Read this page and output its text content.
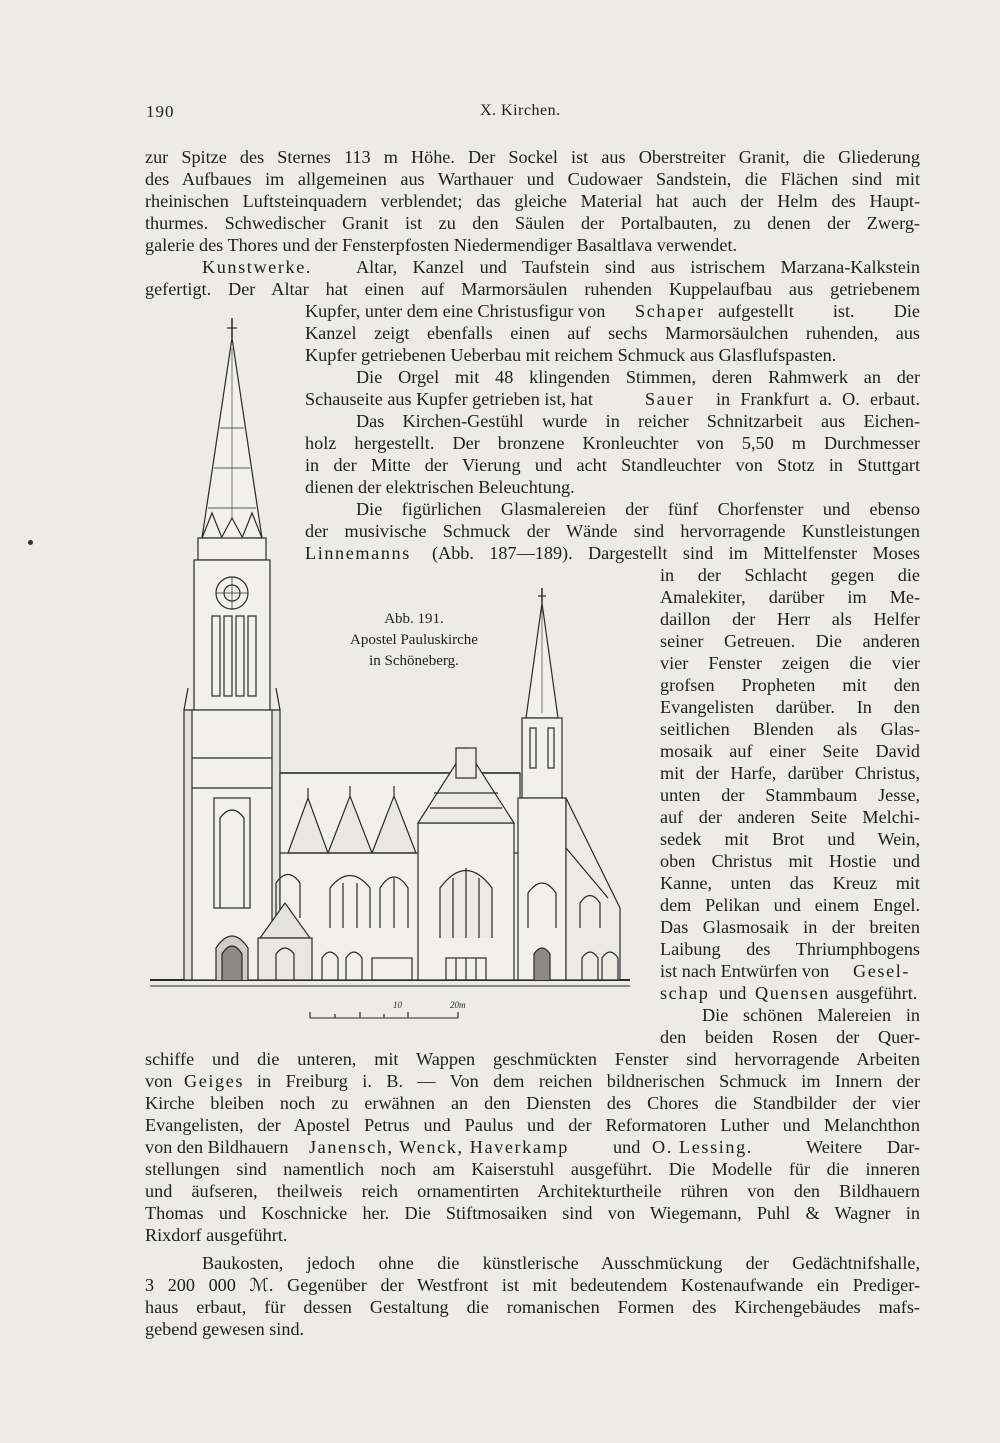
190	X. Kirchen.
zur Spitze des Sternes 113 m Höhe. Der Sockel ist aus Oberstreiter Granit, die Gliederung
des Aufbaues im allgemeinen aus Warthauer und Cudowaer Sandstein, die Flächen sind mit
rheinischen Luftsteinquadern verblendet; das gleiche Material hat auch der Helm des Haupt-
thurmes. Schwedischer Granit ist zu den Säulen der Portalbauten, zu denen der Zwerg-
galerie des Thores und der Fensterpfosten Niedermendiger Basaltlava verwendet.
Kunstwerke.	Altar, Kanzel und Taufstein sind aus istrischem Marzana-Kalkstein
gefertigt. Der Altar hat einen auf Marmorsäulen ruhenden Kuppelaufbau aus getriebenem
Kupfer, unter dem eine Christusfigur von	Schaper aufgestellt ist. Die
Kanzel zeigt ebenfalls einen auf sechs Marmorsäulchen ruhenden, aus
Kupfer getriebenen Ueberbau mit reichem Schmuck aus Glasflufspasten.
Die Orgel mit 48 klingenden Stimmen, deren Rahmwerk an der
Schauseite aus Kupfer getrieben ist, hat	Sauer	in Frankfurt a. O. erbaut.
Das Kirchen-Gestühl wurde in reicher Schnitzarbeit aus Eichen-
holz hergestellt. Der bronzene Kronleuchter von 5,50 m Durchmesser
in der Mitte der Vierung und acht Standleuchter von Stotz in Stuttgart
dienen der elektrischen Beleuchtung.
Die figürlichen Glasmalereien der fünf Chorfenster und ebenso
der musivische Schmuck der Wände sind hervorragende Kunstleistungen
Linnemanns	(Abb. 187—189). Dargestellt sind im Mittelfenster Moses
in der Schlacht gegen die
Amalekiter, darüber im Me-
daillon der Herr als Helfer
seiner Getreuen. Die anderen
vier Fenster zeigen die vier
grofsen Propheten mit den
Evangelisten darüber. In den
seitlichen Blenden als Glas-
mosaik auf einer Seite David
mit der Harfe, darüber Christus,
unten der Stammbaum Jesse,
auf der anderen Seite Melchi-
sedek mit Brot und Wein,
oben Christus mit Hostie und
Kanne, unten das Kreuz mit
dem Pelikan und einem Engel.
Das Glasmosaik in der breiten
Laibung des Thriumphbogens
ist nach Entwürfen von	Gesel-
schap und Quensen ausgeführt.
Die schönen Malereien in
den beiden Rosen der Quer-
schiffe und die unteren, mit Wappen geschmückten Fenster sind hervorragende Arbeiten
von Geiges in Freiburg i. B. — Von dem reichen bildnerischen Schmuck im Innern der
Kirche bleiben noch zu erwähnen an den Diensten des Chores die Standbilder der vier
Evangelisten, der Apostel Petrus und Paulus und der Reformatoren Luther und Melanchthon
von den Bildhauern	Janensch, Wenck, Haverkamp	und O. Lessing.	Weitere Dar-
stellungen sind namentlich noch am Kaiserstuhl ausgeführt. Die Modelle für die inneren
und äufseren, theilweis reich ornamentirten Architekturtheile rühren von den Bildhauern
Thomas und Koschnicke her. Die Stiftmosaiken sind von Wiegemann, Puhl & Wagner in
Rixdorf ausgeführt.
Baukosten, jedoch ohne die künstlerische Ausschmückung der Gedächtnifshalle,
3 200 000 ℳ. Gegenüber der Westfront ist mit bedeutendem Kostenaufwande ein Prediger-
haus erbaut, für dessen Gestaltung die romanischen Formen des Kirchengebäudes mafs-
gebend gewesen sind.
Abb. 191.
Apostel Pauluskirche
in Schöneberg.
10	20m
